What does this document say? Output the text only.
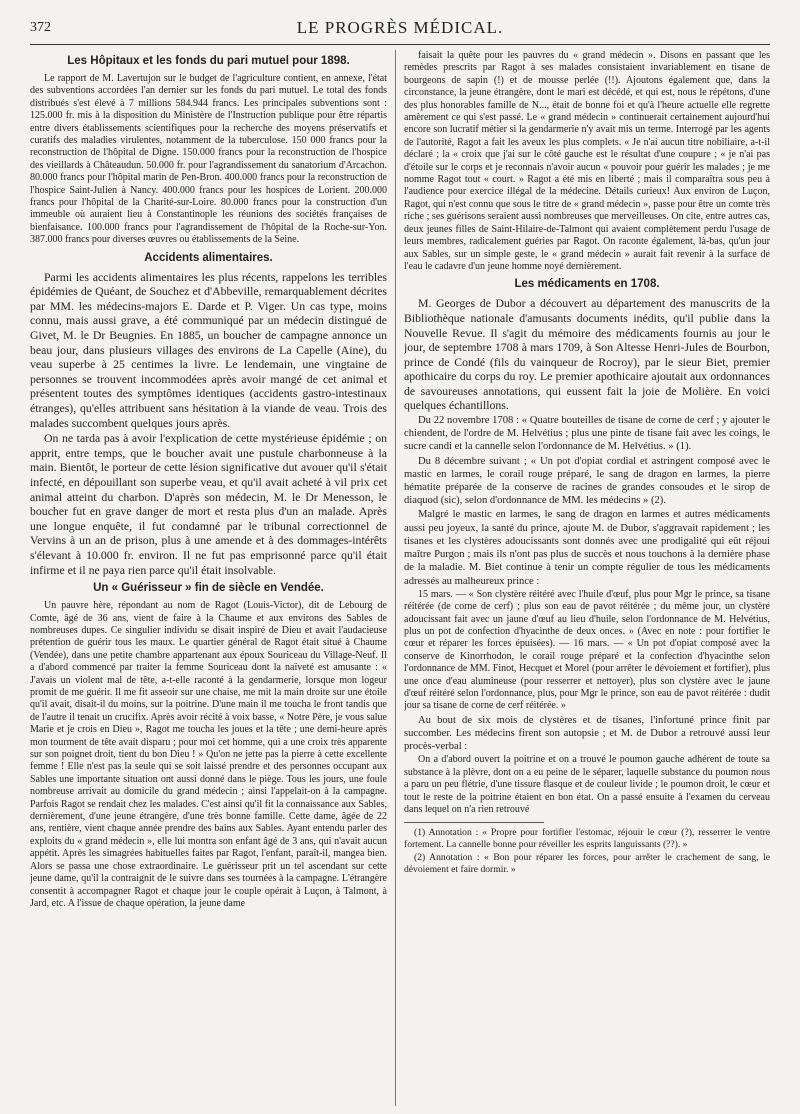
372	LE PROGRÈS MÉDICAL.
Les Hôpitaux et les fonds du pari mutuel pour 1898.

Le rapport de M. Lavertujon sur le budget de l'agriculture contient, en annexe, l'état des subventions accordées l'an dernier sur les fonds du pari mutuel. Le total des fonds distribués s'est élevé à 7 millions 584.944 francs. Les principales subventions sont : 125.000 fr. mis à la disposition du Ministère de l'Instruction publique pour être répartis entre divers établissements scientifiques pour la recherche des moyens préservatifs et curatifs des maladies virulentes, notamment de la tuberculose. 150 000 francs pour la reconstruction de l'hôpital de Digne. 150.000 francs pour la reconstruction de l'hospice des vieillards à Châteaudun. 50.000 fr. pour l'agrandissement du sanatorium d'Arcachon. 80.000 francs pour l'hôpital marin de Pen-Bron. 400.000 francs pour la reconstruction de l'hospice Saint-Julien à Nancy. 400.000 francs pour les hospices de Lorient. 200.000 francs pour l'hôpital de la Charité-sur-Loire. 80.000 francs pour la construction d'un immeuble où auraient lieu à Constantinople les réunions des sociétés françaises de bienfaisance. 100.000 francs pour l'agrandissement de l'hôpital de la Roche-sur-Yon. 387.000 francs pour diverses œuvres ou établissements de la Seine.

Accidents alimentaires.

Parmi les accidents alimentaires les plus récents, rappelons les terribles épidémies de Quéant, de Souchez et d'Abbeville, remarquablement décrites par MM. les médecins-majors E. Darde et P. Viger. Un cas type, moins connu, mais aussi grave, a été communiqué par un médecin distingué de Givet, M. le Dr Beugnies. En 1885, un boucher de campagne annonce un beau jour, dans plusieurs villages des environs de La Capelle (Aine), du veau superbe à 25 centimes la livre. Le lendemain, une vingtaine de personnes se trouvent incommodées après avoir mangé de cet animal et présentent toutes des symptômes identiques (accidents gastro-intestinaux étranges), qu'elles attribuent sans hésitation à la viande de veau. Trois des malades succombent quelques jours après.

On ne tarda pas à avoir l'explication de cette mystérieuse épidémie ; on apprit, entre temps, que le boucher avait une pustule charbonneuse à la main. Bientôt, le porteur de cette lésion significative dut avouer qu'il s'était infecté, en dépouillant son superbe veau, et qu'il avait acheté à vil prix cet animal atteint du charbon. D'après son médecin, M. le Dr Menesson, le boucher fut en grave danger de mort et resta plus d'un an malade. Après une longue enquête, il fut condamné par le tribunal correctionnel de Vervins à un an de prison, plus à une amende et à des dommages-intérêts s'élevant à 10.000 fr. environ. Il ne fut pas emprisonné parce qu'il était infirme et il ne paya rien parce qu'il était insolvable.

Un « Guérisseur » fin de siècle en Vendée.

Un pauvre hère, répondant au nom de Ragot (Louis-Victor), dit de Lebourg de Comte, âgé de 36 ans, vient de faire à la Chaume et aux environs des Sables de nombreuses dupes. Ce singulier individu se disait inspiré de Dieu et avait l'audacieuse prétention de guérir tous les maux. Le quartier général de Ragot était situé à Chaume (Vendée), dans une petite chambre appartenant aux époux Souriceau du Village-Neuf. Il a d'abord commencé par traiter la femme Souriceau dont la naïveté est amusante : « J'avais un violent mal de tête, a-t-elle raconté à la gendarmerie, lorsque mon logeur promit de me guérir. Il me fit asseoir sur une chaise, me mit la main droite sur une étoile qu'il avait, disait-il du moins, sur la poitrine. D'une main il me toucha le front tandis que de l'autre il tenait un crucifix. Après avoir récité à voix basse, « Notre Père, je vous salue Marie et je crois en Dieu », Ragot me toucha les joues et la tête ; une demi-heure après mon tourment de tête avait disparu ; pour moi cet homme, qui a une croix très apparente sur son poignet droit, tient du bon Dieu ! » Qu'on ne jette pas la pierre à cette excellente femme ! Elle n'est pas la seule qui se soit laissé prendre et des personnes occupant aux Sables une importante situation ont aussi donné dans le piège. Tous les jours, une foule nombreuse arrivait au domicile du grand médecin ; ainsi l'appelait-on à la campagne. Parfois Ragot se rendait chez les malades. C'est ainsi qu'il fit la connaissance aux Sables, dernièrement, d'une jeune étrangère, d'une très bonne famille. Cette dame, âgée de 22 ans, rentière, vient chaque année prendre des bains aux Sables. Ayant entendu parler des exploits du « grand médecin », elle lui montra son enfant âgé de 3 ans, qui n'avait aucun appétit. Après les simagrées habituelles faites par Ragot, l'enfant, paraît-il, mangea bien. Alors se passa une chose extraordinaire. Le guérisseur prit un tel ascendant sur cette jeune dame, qu'il la contraignit de le suivre dans ses tournées à la campagne. L'étrangère consentit à accompagner Ragot et chaque jour le couple opérait à Luçon, à Talmont, à Jard, etc. A l'issue de chaque opération, la jeune dame

faisait la quête pour les pauvres du « grand médecin ». Disons en passant que les remèdes prescrits par Ragot à ses malades consistaient invariablement en tisane de bourgeons de sapin (!) et de mousse perlée (!!). Ajoutons également que, dans la circonstance, la jeune étrangère, dont le mari est décédé, et qui est, nous le répétons, d'une des plus honorables famille de N..., était de bonne foi et qu'à l'heure actuelle elle regrette amèrement ce qui s'est passé. Le « grand médecin » continuerait certainement aujourd'hui encore son lucratif métier si la gendarmerie n'y avait mis un terme. Interrogé par les agents de l'autorité, Ragot a fait les aveux les plus complets. « Je n'ai aucun titre nobiliaire, a-t-il déclaré ; la « croix que j'ai sur le côté gauche est le résultat d'une coupure ; « je n'ai pas d'étoile sur le corps et je reconnais n'avoir aucun « pouvoir pour guérir les malades ; je me nomme Ragot tout « court. » Ragot a été mis en liberté ; mais il comparaîtra sous peu à l'audience pour exercice illégal de la médecine. Détails curieux! Aux environ de Luçon, Ragot, qui n'est connu que sous le titre de « grand médecin », passe pour être un comte très riche ; ses guérisons seraient aussi nombreuses que merveilleuses. On cite, entre autres cas, deux jeunes filles de Saint-Hilaire-de-Talmont qui avaient complètement perdu l'usage de leurs membres, radicalement guéries par Ragot. On raconte également, là-bas, qu'un jour aux Sables, sur un simple geste, le « grand médecin » aurait fait revenir à la surface de l'eau le cadavre d'un jeune homme noyé dernièrement.

Les médicaments en 1708.

M. Georges de Dubor a découvert au département des manuscrits de la Bibliothèque nationale d'amusants documents inédits, qu'il publie dans la Nouvelle Revue. Il s'agit du mémoire des médicaments fournis au jour le jour, de septembre 1708 à mars 1709, à Son Altesse Henri-Jules de Bourbon, prince de Condé (fils du vainqueur de Rocroy), par le sieur Biet, premier apothicaire du corps du roy. Le premier apothicaire ajoutait aux ordonnances de savoureuses annotations, qui eussent fait la joie de Molière. En voici quelques échantillons.

Du 22 novembre 1708 : « Quatre bouteilles de tisane de corne de cerf ; y ajouter le chiendent, de l'ordre de M. Helvétius ; plus une pinte de tisane fait avec les coings, le sucre candi et la cannelle selon l'ordonnance de M. Helvétius. » (1).

Du 8 décembre suivant ; « Un pot d'opiat cordial et astringent composé avec le mastic en larmes, le corail rouge préparé, le sang de dragon en larmes, la pierre hématite préparée de la conserve de racines de grandes consoudes et le sirop de diaquod (sic), selon d'ordonnance de MM. les médecins » (2).

Malgré le mastic en larmes, le sang de dragon en larmes et autres médicaments aussi peu joyeux, la santé du prince, ajoute M. de Dubor, s'aggravait rapidement ; les tisanes et les clystères adoucissants sont donnés avec une prodigalité qui eût réjoui maître Purgon ; mais ils n'ont pas plus de succès et nous touchons à la dernière phase de la maladie. M. Biet continue à tenir un compte régulier de tous les médicaments adressés au malheureux prince :

15 mars. — « Son clystère réitéré avec l'huile d'œuf, plus pour Mgr le prince, sa tisane réitérée (de corne de cerf) ; plus son eau de pavot réitérée ; du même jour, un clystère adoucissant fait avec un jaune d'œuf au lieu d'huile, selon l'ordonnance de M. Helvétius, plus un pot de confection d'hyacinthe de deux onces. » (Avec en note : pour fortifier le cœur et réparer les forces épuisées). — 16 mars. — « Un pot d'opiat composé avec la conserve de Kinorrhodon, le corail rouge préparé et la confection d'hyacinthe selon l'ordonnance de MM. Finot, Hecquet et Morel (pour arrêter le dévoiement et fortifier), plus une once d'eau alumineuse (pour resserrer et nettoyer), plus son clystère avec le jaune d'œuf réitéré selon l'ordonnance, plus, pour Mgr le prince, son eau de pavot réitérée : dudit jour sa tisane de corne de cerf réitérée. »

Au bout de six mois de clystères et de tisanes, l'infortuné prince finit par succomber. Les médecins firent son autopsie ; et M. de Dubor a retrouvé aussi leur procès-verbal :

On a d'abord ouvert la poitrine et on a trouvé le poumon gauche adhérent de toute sa substance à la plèvre, dont on a eu peine de le séparer, laquelle substance du poumon nous a paru un peu flétrie, d'une tissure flasque et de couleur livide ; le poumon droit, le cœur et tout le reste de la poitrine étaient en bon état. On a passé ensuite à l'examen du cerveau dans lequel on n'a rien retrouvé

(1) Annotation : « Propre pour fortifier l'estomac, réjouir le cœur (?), resserrer le ventre fortement. La cannelle bonne pour réveiller les esprits languissants (??). »

(2) Annotation : « Bon pour réparer les forces, pour arrêter le crachement de sang, le dévoiement et faire dormir. »
